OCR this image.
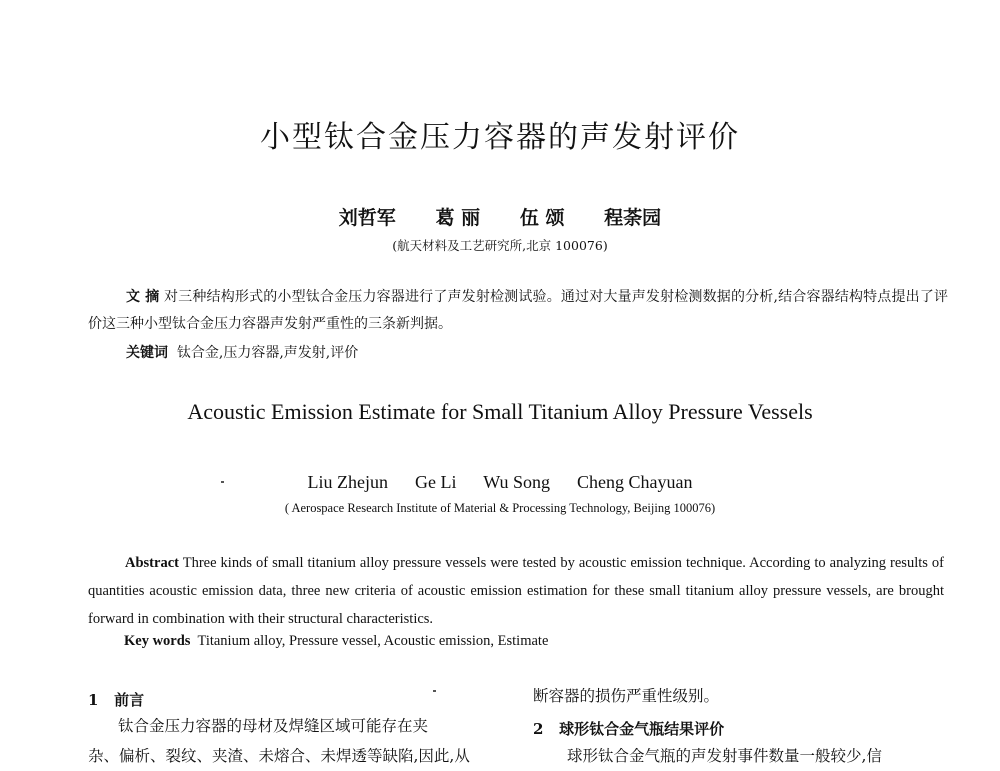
小型钛合金压力容器的声发射评价
刘哲军 葛 丽 伍 颂 程荼园
(航天材料及工艺研究所,北京 100076)
文 摘 对三种结构形式的小型钛合金压力容器进行了声发射检测试验。通过对大量声发射检测数据的分析,结合容器结构特点提出了评价这三种小型钛合金压力容器声发射严重性的三条新判据。
关键词 钛合金,压力容器,声发射,评价
Acoustic Emission Estimate for Small Titanium Alloy Pressure Vessels
Liu Zhejun Ge Li Wu Song Cheng Chayuan
( Aerospace Research Institute of Material & Processing Technology, Beijing 100076)
Abstract Three kinds of small titanium alloy pressure vessels were tested by acoustic emission technique. According to analyzing results of quantities acoustic emission data, three new criteria of acoustic emission estimation for these small titanium alloy pressure vessels, are brought forward in combination with their structural characteristics.
Key words Titanium alloy, Pressure vessel, Acoustic emission, Estimate
1 前言
钛合金压力容器的母材及焊缝区域可能存在夹
杂、偏析、裂纹、夹渣、未熔合、未焊透等缺陷,因此,从
断容器的损伤严重性级别。
2 球形钛合金气瓶结果评价
球形钛合金气瓶的声发射事件数量一般较少,信
